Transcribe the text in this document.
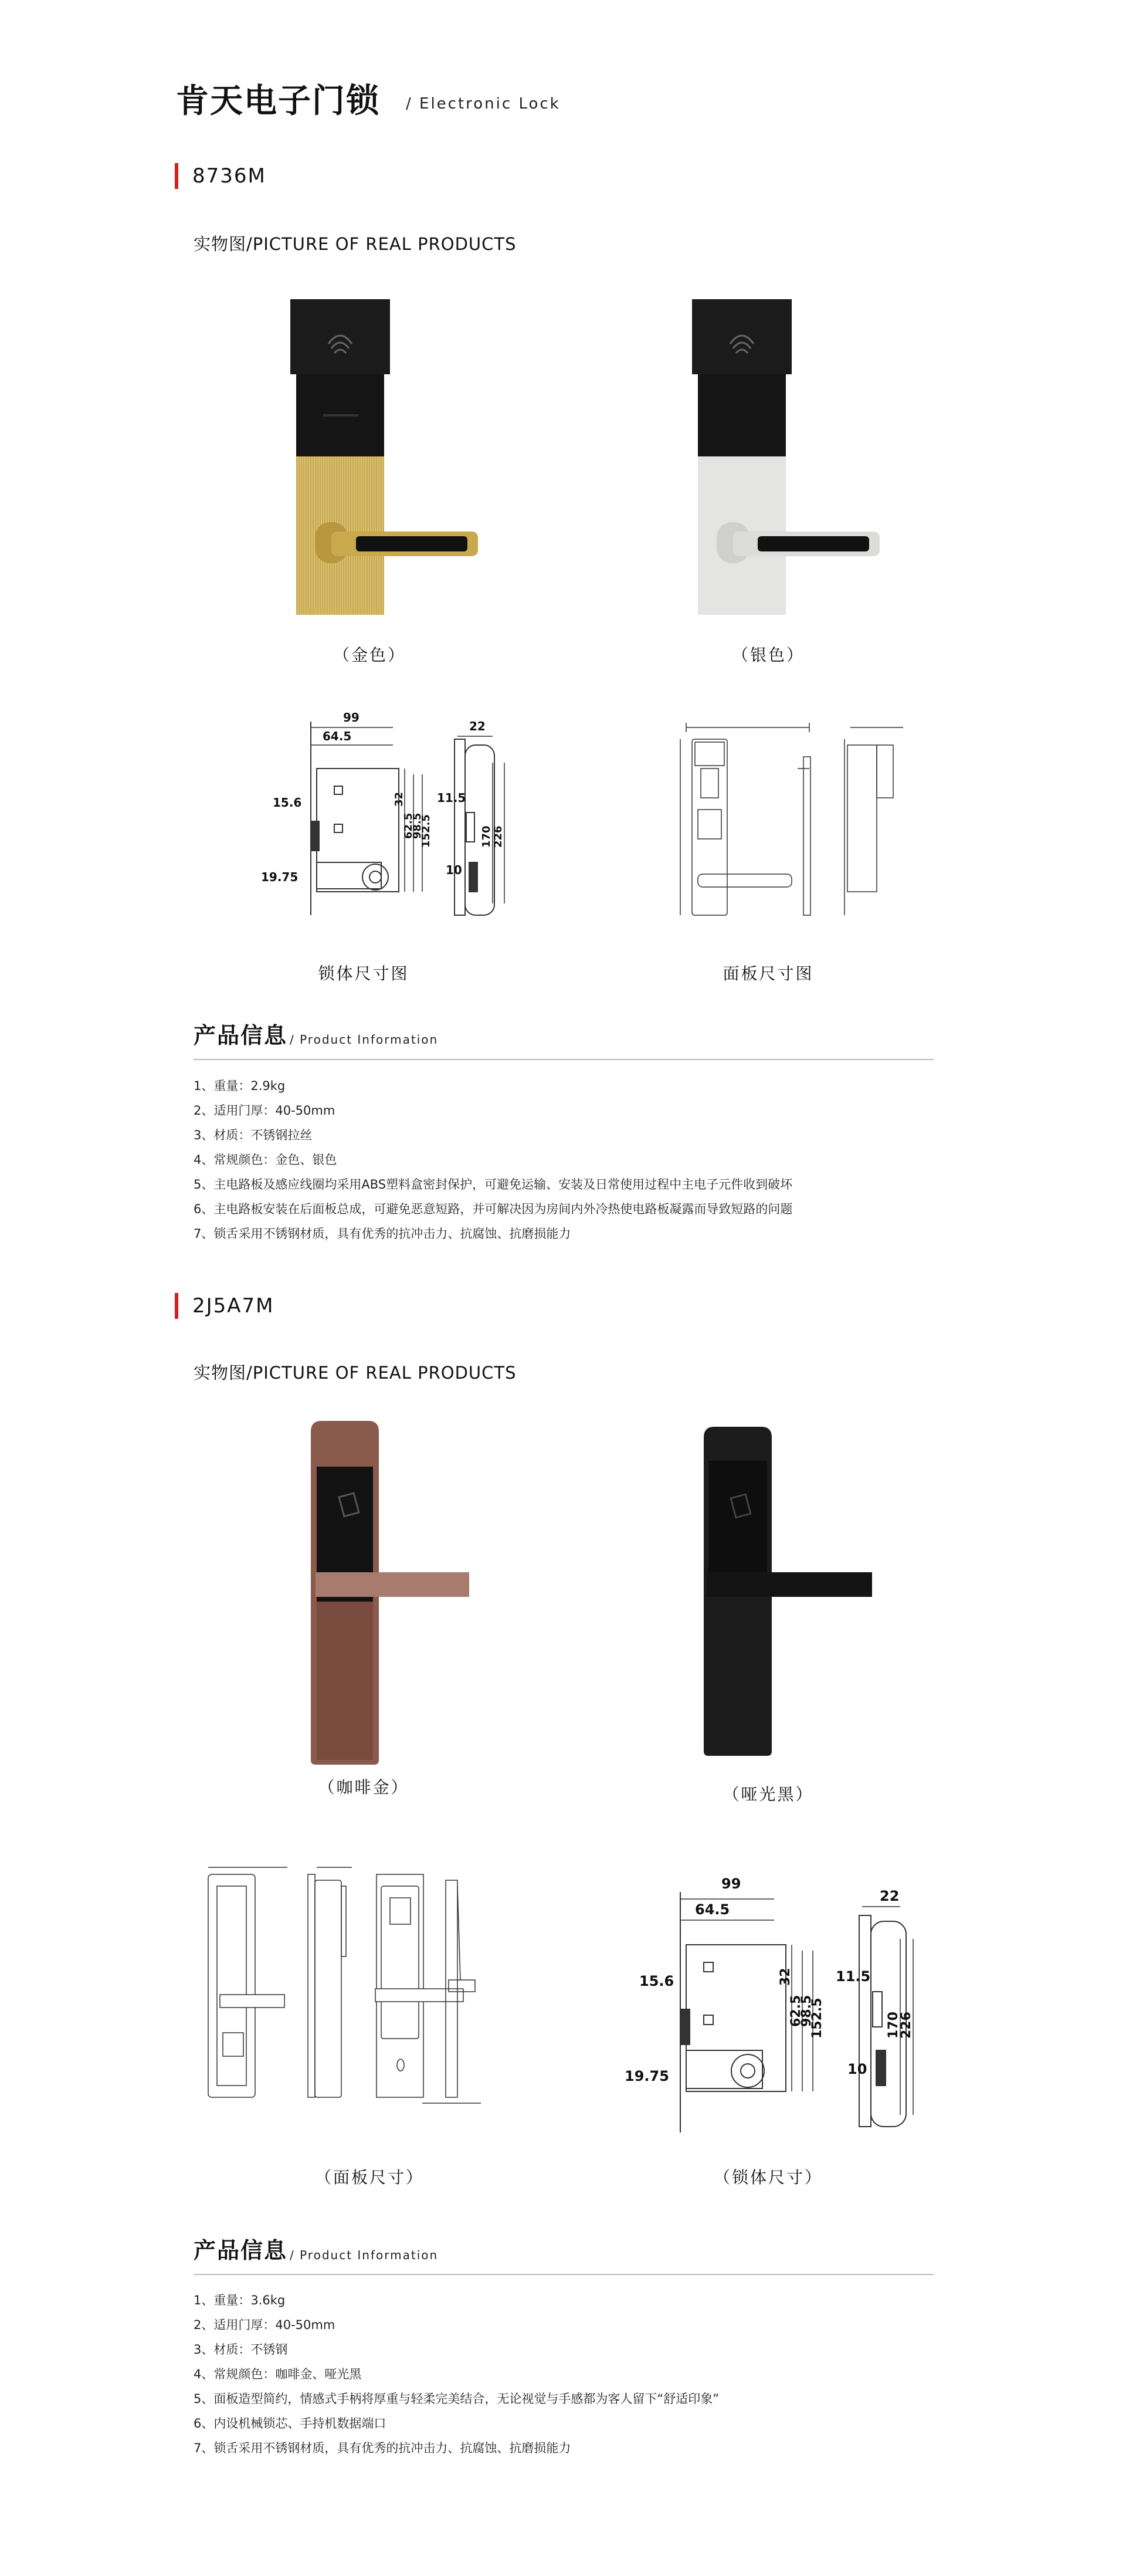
肯天电子门锁 / Electronic Lock
8736M
实物图/PICTURE OF REAL PRODUCTS
（金色）	（银色）
99
64.5
22
15.6	11.5
19.75	10
32
62.5
98.5
152.5	170 226
锁体尺寸图	面板尺寸图
产品信息 / Product Information
1、重量：2.9kg
2、适用门厚：40-50mm
3、材质：不锈钢拉丝
4、常规颜色：金色、银色
5、主电路板及感应线圈均采用ABS塑料盒密封保护，可避免运输、安装及日常使用过程中主电子元件收到破坏
6、主电路板安装在后面板总成，可避免恶意短路，并可解决因为房间内外冷热使电路板凝露而导致短路的问题
7、锁舌采用不锈钢材质，具有优秀的抗冲击力、抗腐蚀、抗磨损能力
2J5A7M
实物图/PICTURE OF REAL PRODUCTS
（咖啡金）	（哑光黑）
（面板尺寸）
99
64.5
22
15.6	11.5
19.75	10
32
62.5
98.5
152.5	170
226
（锁体尺寸）
产品信息 / Product Information
1、重量：3.6kg
2、适用门厚：40-50mm
3、材质：不锈钢
4、常规颜色：咖啡金、哑光黑
5、面板造型简约，情感式手柄将厚重与轻柔完美结合，无论视觉与手感都为客人留下“舒适印象”
6、内设机械锁芯、手持机数据端口
7、锁舌采用不锈钢材质，具有优秀的抗冲击力、抗腐蚀、抗磨损能力
